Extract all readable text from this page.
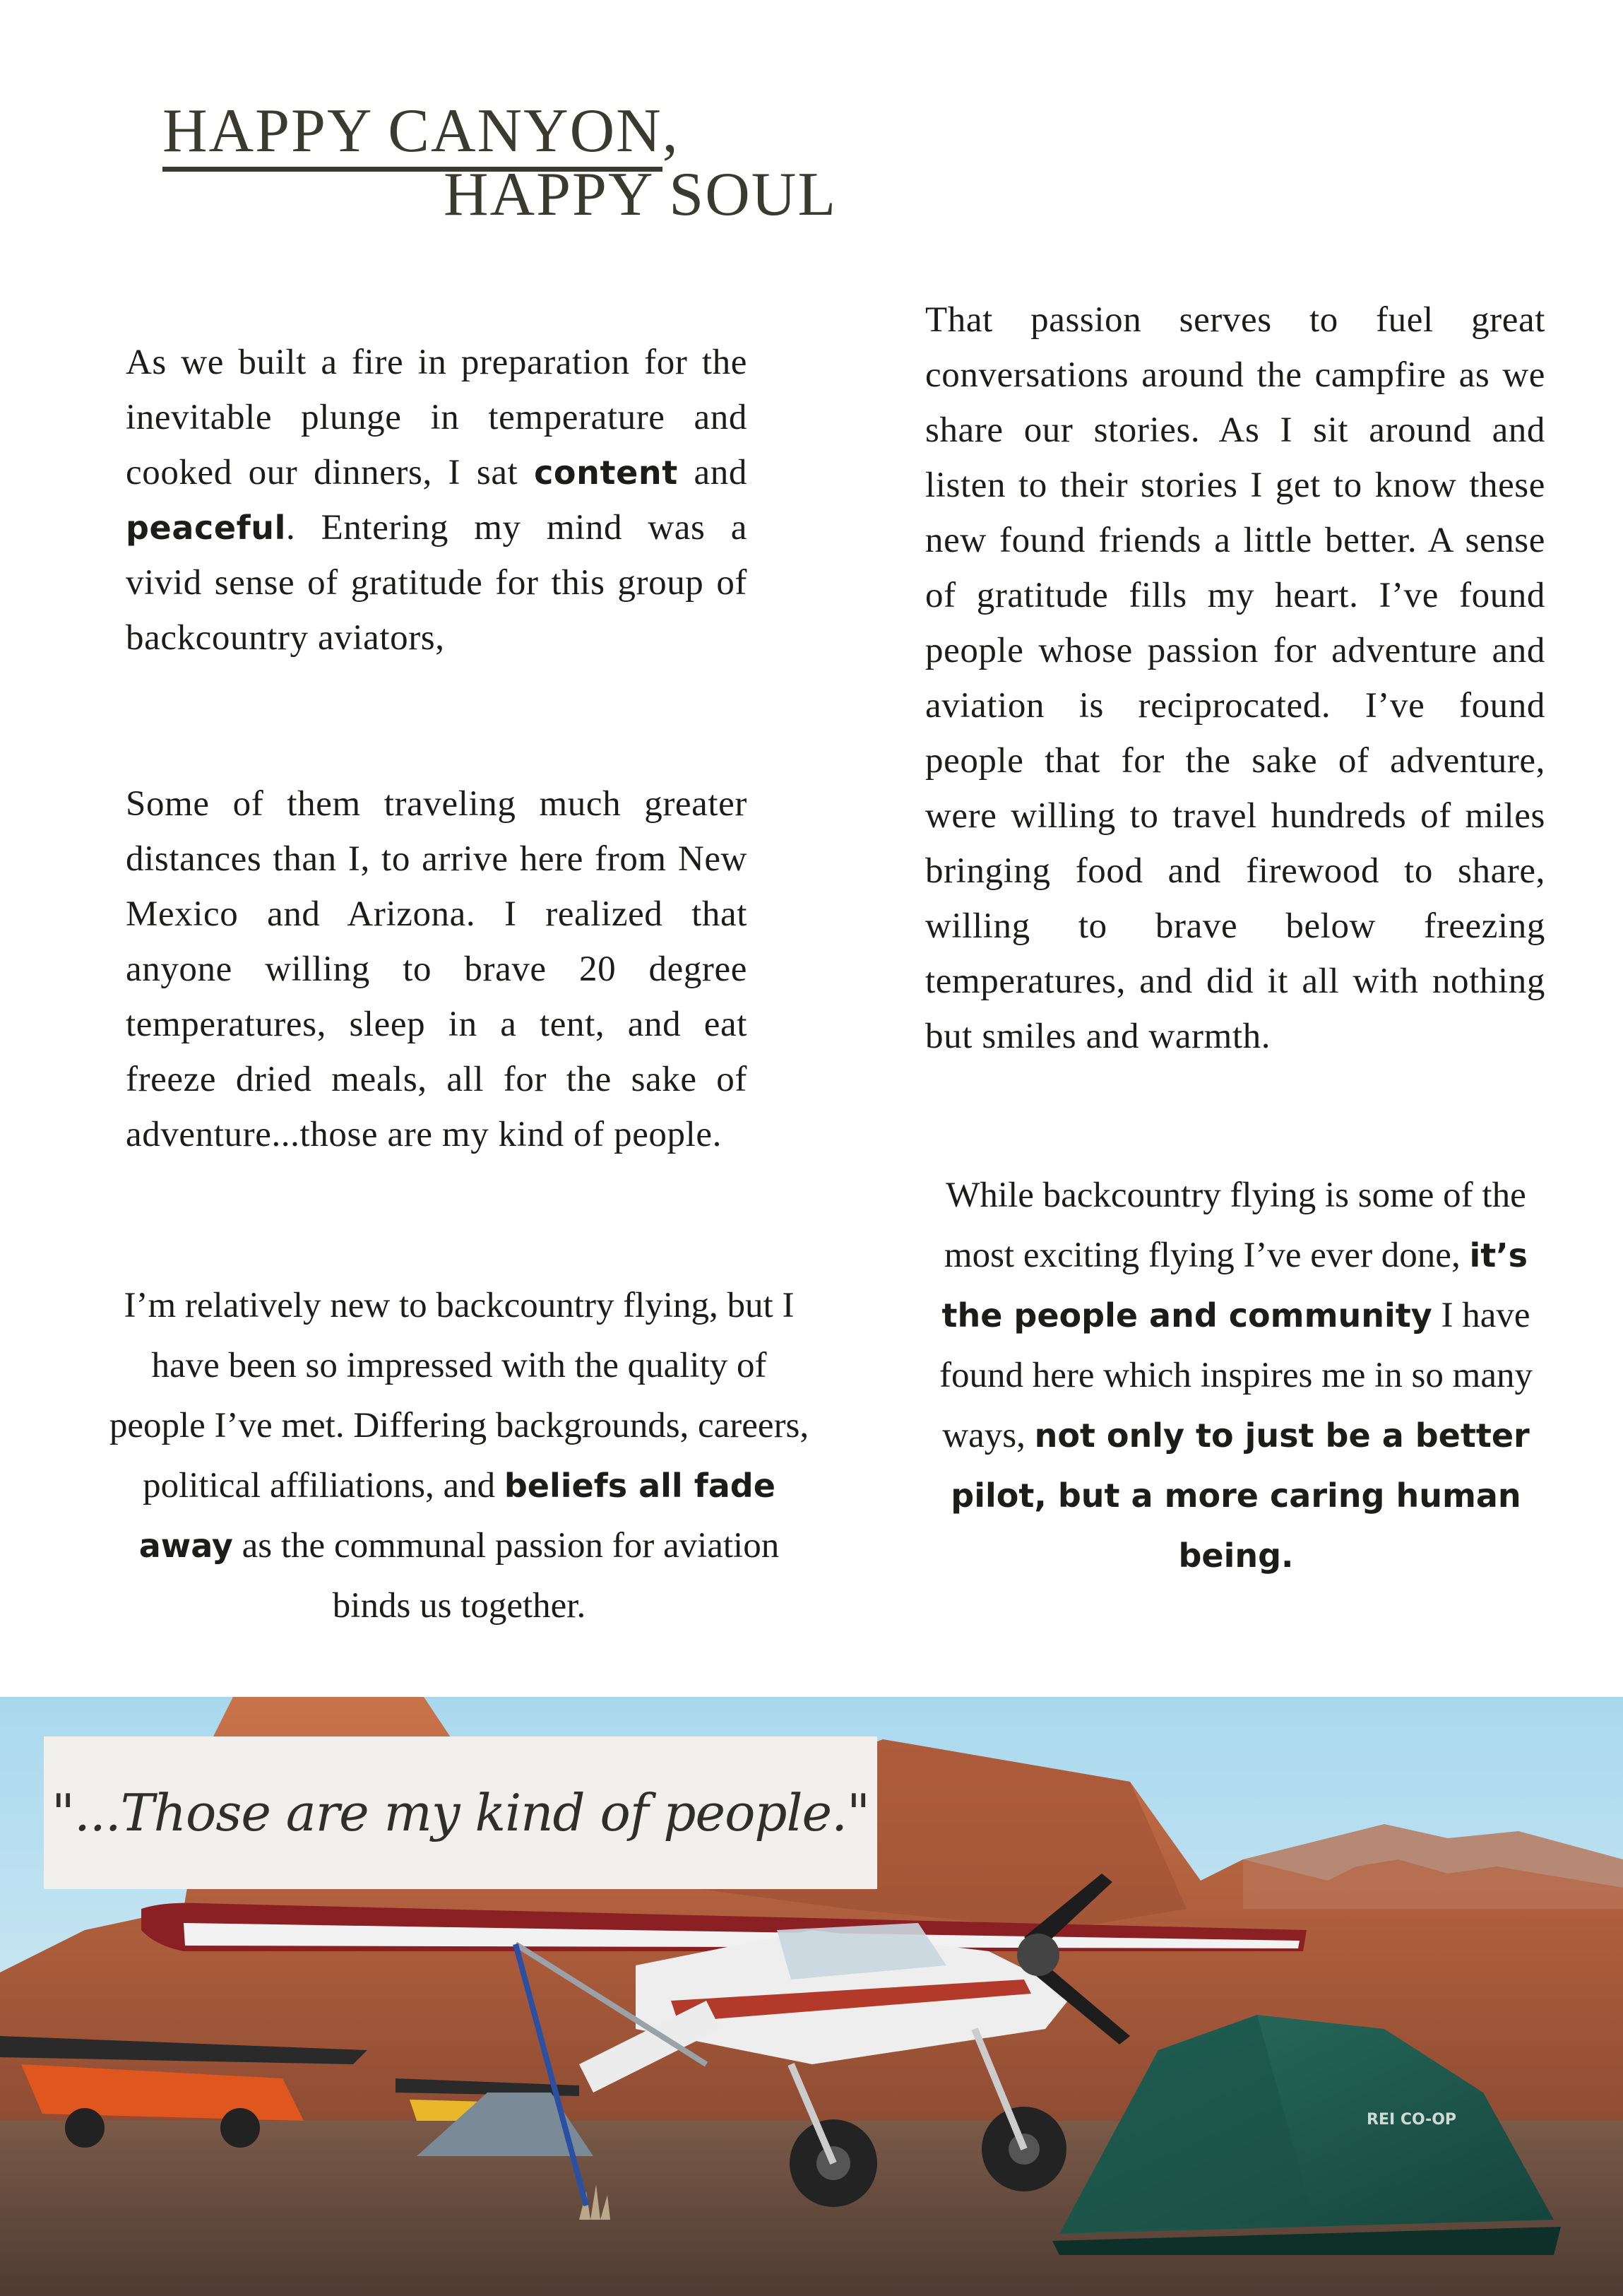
HAPPY CANYON,
HAPPY SOUL

As we built a fire in preparation for the inevitable plunge in temperature and cooked our dinners, I sat content and peaceful. Entering my mind was a vivid sense of gratitude for this group of backcountry aviators,

Some of them traveling much greater distances than I, to arrive here from New Mexico and Arizona. I realized that anyone willing to brave 20 degree temperatures, sleep in a tent, and eat freeze dried meals, all for the sake of adventure...those are my kind of people.

I’m relatively new to backcountry flying, but I have been so impressed with the quality of people I’ve met. Differing backgrounds, careers, political affiliations, and beliefs all fade away as the communal passion for aviation binds us together.

That passion serves to fuel great conversations around the campfire as we share our stories. As I sit around and listen to their stories I get to know these new found friends a little better. A sense of gratitude fills my heart. I’ve found people whose passion for adventure and aviation is reciprocated. I’ve found people that for the sake of adventure, were willing to travel hundreds of miles bringing food and firewood to share, willing to brave below freezing temperatures, and did it all with nothing but smiles and warmth.

While backcountry flying is some of the most exciting flying I’ve ever done, it’s the people and community I have found here which inspires me in so many ways, not only to just be a better pilot, but a more caring human being.

REI CO-OP

"...Those are my kind of people."
